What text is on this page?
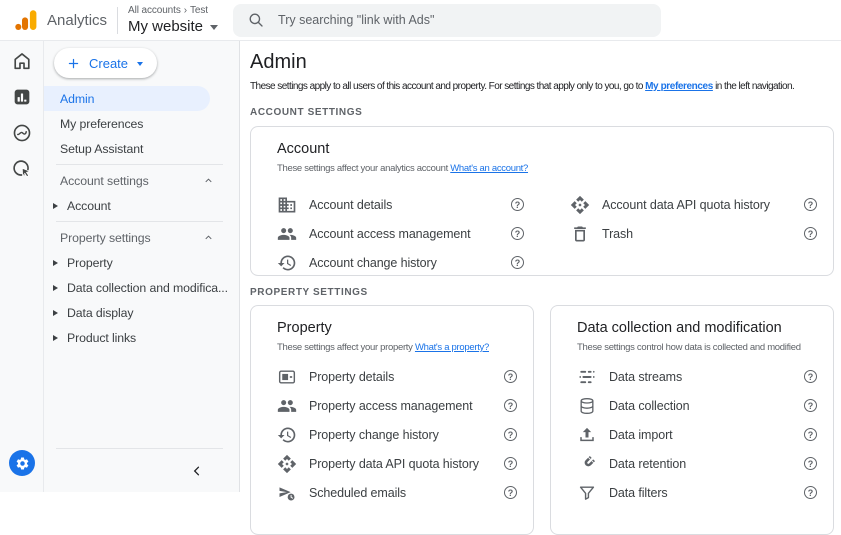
Analytics
All accounts › Test
My website
Try searching "link with Ads"
Create
Admin
My preferences
Setup Assistant
Account settings
Account
Property settings
Property
Data collection and modifica...
Data display
Product links
Admin
These settings apply to all users of this account and property. For settings that apply only to you, go to My preferences in the left navigation.
ACCOUNT SETTINGS
Account
These settings affect your analytics account What's an account?
Account details	?	Account data API quota history	?
Account access management	?	Trash	?
Account change history	?
PROPERTY SETTINGS
Property
These settings affect your property What's a property?
Property details	?
Property access management	?
Property change history	?
Property data API quota history	?
Scheduled emails	?
Data collection and modification
These settings control how data is collected and modified
Data streams	?
Data collection	?
Data import	?
Data retention	?
Data filters	?
